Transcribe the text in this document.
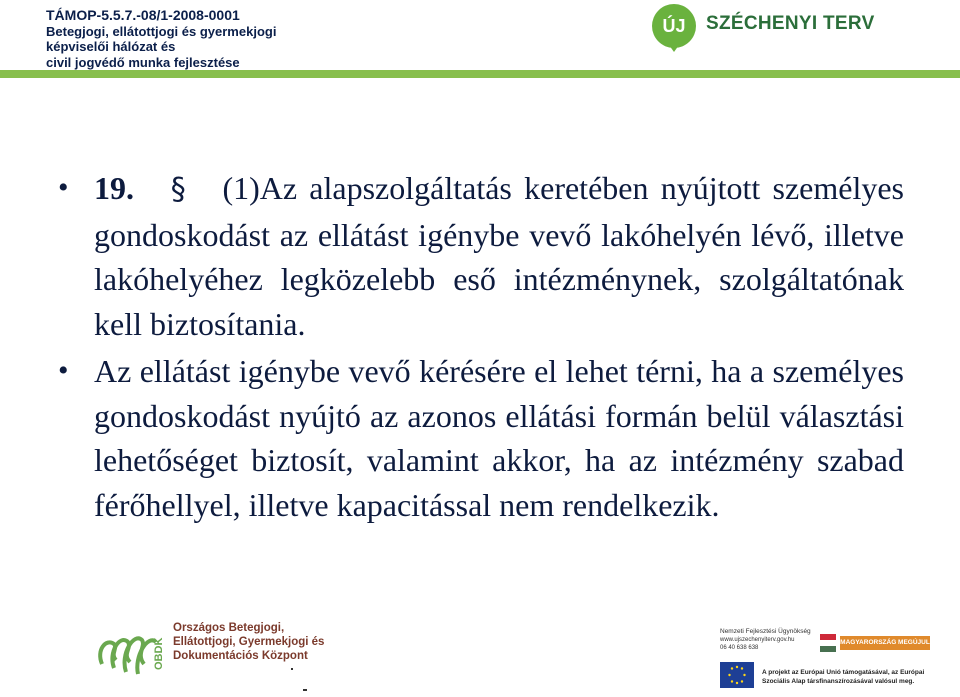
TÁMOP-5.5.7.-08/1-2008-0001
Betegjogi, ellátottjogi és gyermekjogi
képviselői hálózat és
civil jogvédő munka fejlesztése
ÚJ	SZÉCHENYI TERV
• 19. § (1)Az alapszolgáltatás keretében nyújtott személyes gondoskodást az ellátást igénybe vevő lakóhelyén lévő, illetve lakóhelyéhez legközelebb eső intézménynek, szolgáltatónak kell biztosítania.
• Az ellátást igénybe vevő kérésére el lehet térni, ha a személyes gondoskodást nyújtó az azonos ellátási formán belül választási lehetőséget biztosít, valamint akkor, ha az intézmény szabad férőhellyel, illetve kapacitással nem rendelkezik.
OBDK
Országos Betegjogi,
Ellátottjogi, Gyermekjogi és
Dokumentációs Központ
Nemzeti Fejlesztési Ügynökség
www.ujszechenyiterv.gov.hu
06 40 638 638
MAGYARORSZÁG MEGÚJUL
A projekt az Európai Unió támogatásával, az Európai
Szociális Alap társfinanszírozásával valósul meg.
